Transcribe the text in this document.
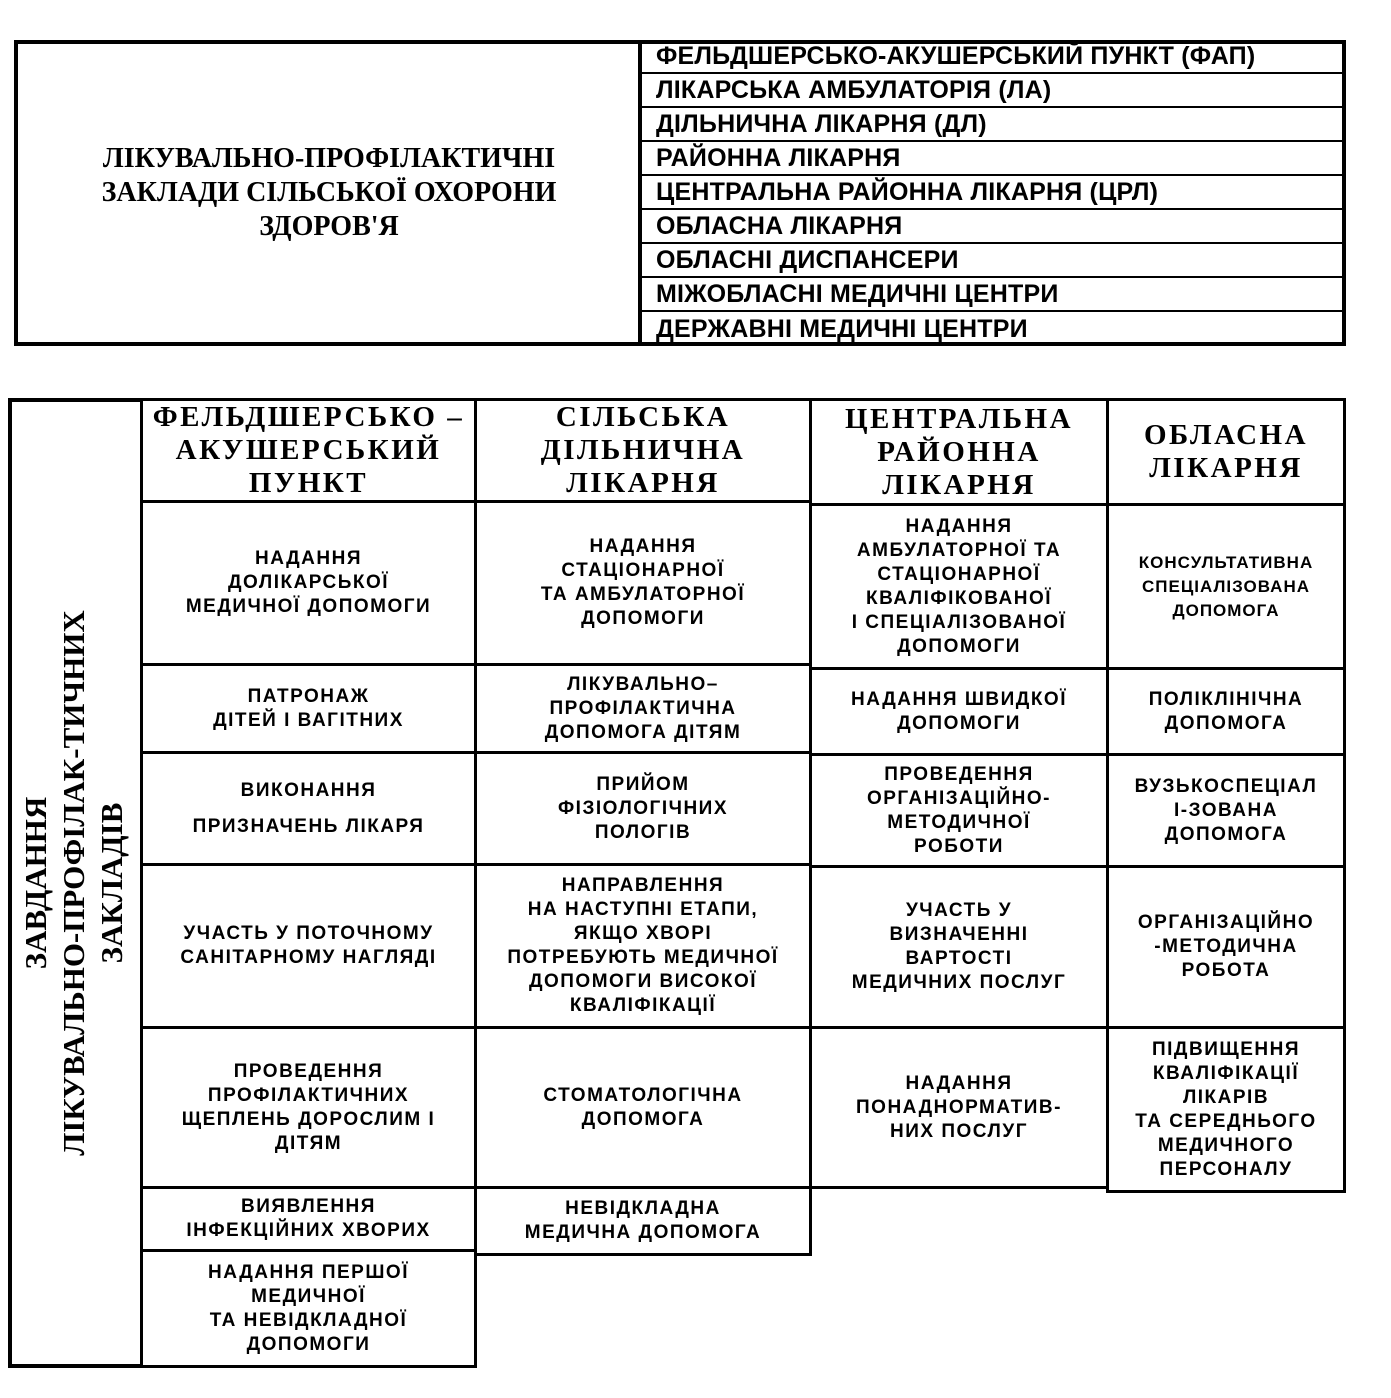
ЛІКУВАЛЬНО-ПРОФІЛАКТИЧНІ
ЗАКЛАДИ СІЛЬСЬКОЇ ОХОРОНИ
ЗДОРОВ'Я
ФЕЛЬДШЕРСЬКО-АКУШЕРСЬКИЙ ПУНКТ (ФАП)
ЛІКАРСЬКА АМБУЛАТОРІЯ (ЛА)
ДІЛЬНИЧНА ЛІКАРНЯ (ДЛ)
РАЙОННА ЛІКАРНЯ
ЦЕНТРАЛЬНА РАЙОННА ЛІКАРНЯ (ЦРЛ)
ОБЛАСНА ЛІКАРНЯ
ОБЛАСНІ ДИСПАНСЕРИ
МІЖОБЛАСНІ МЕДИЧНІ ЦЕНТРИ
ДЕРЖАВНІ МЕДИЧНІ ЦЕНТРИ
ЗАВДАННЯ ЛІКУВАЛЬНО-ПРОФІЛАК-ТИЧНИХ ЗАКЛАДІВ
ФЕЛЬДШЕРСЬКО –
АКУШЕРСЬКИЙ
ПУНКТ
НАДАННЯ
ДОЛІКАРСЬКОЇ
МЕДИЧНОЇ ДОПОМОГИ
ПАТРОНАЖ
ДІТЕЙ І ВАГІТНИХ
ВИКОНАННЯ
ПРИЗНАЧЕНЬ ЛІКАРЯ
УЧАСТЬ У ПОТОЧНОМУ
САНІТАРНОМУ НАГЛЯДІ
ПРОВЕДЕННЯ
ПРОФІЛАКТИЧНИХ
ЩЕПЛЕНЬ ДОРОСЛИМ І
ДІТЯМ
ВИЯВЛЕННЯ
ІНФЕКЦІЙНИХ ХВОРИХ
НАДАННЯ ПЕРШОЇ
МЕДИЧНОЇ
ТА НЕВІДКЛАДНОЇ
ДОПОМОГИ
СІЛЬСЬКА
ДІЛЬНИЧНА
ЛІКАРНЯ
НАДАННЯ
СТАЦІОНАРНОЇ
ТА АМБУЛАТОРНОЇ
ДОПОМОГИ
ЛІКУВАЛЬНО–
ПРОФІЛАКТИЧНА
ДОПОМОГА ДІТЯМ
ПРИЙОМ
ФІЗІОЛОГІЧНИХ
ПОЛОГІВ
НАПРАВЛЕННЯ
НА НАСТУПНІ ЕТАПИ,
ЯКЩО ХВОРІ
ПОТРЕБУЮТЬ МЕДИЧНОЇ
ДОПОМОГИ ВИСОКОЇ
КВАЛІФІКАЦІЇ
СТОМАТОЛОГІЧНА
ДОПОМОГА
НЕВІДКЛАДНА
МЕДИЧНА ДОПОМОГА
ЦЕНТРАЛЬНА
РАЙОННА
ЛІКАРНЯ
НАДАННЯ
АМБУЛАТОРНОЇ ТА
СТАЦІОНАРНОЇ
КВАЛІФІКОВАНОЇ
І СПЕЦІАЛІЗОВАНОЇ
ДОПОМОГИ
НАДАННЯ ШВИДКОЇ
ДОПОМОГИ
ПРОВЕДЕННЯ
ОРГАНІЗАЦІЙНО-
МЕТОДИЧНОЇ
РОБОТИ
УЧАСТЬ У
ВИЗНАЧЕННІ
ВАРТОСТІ
МЕДИЧНИХ ПОСЛУГ
НАДАННЯ
ПОНАДНОРМАТИВ-
НИХ ПОСЛУГ
ОБЛАСНА
ЛІКАРНЯ
КОНСУЛЬТАТИВНА
СПЕЦІАЛІЗОВАНА
ДОПОМОГА
ПОЛІКЛІНІЧНА
ДОПОМОГА
ВУЗЬКОСПЕЦІАЛ
І-ЗОВАНА
ДОПОМОГА
ОРГАНІЗАЦІЙНО
-МЕТОДИЧНА
РОБОТА
ПІДВИЩЕННЯ
КВАЛІФІКАЦІЇ
ЛІКАРІВ
ТА СЕРЕДНЬОГО
МЕДИЧНОГО
ПЕРСОНАЛУ
